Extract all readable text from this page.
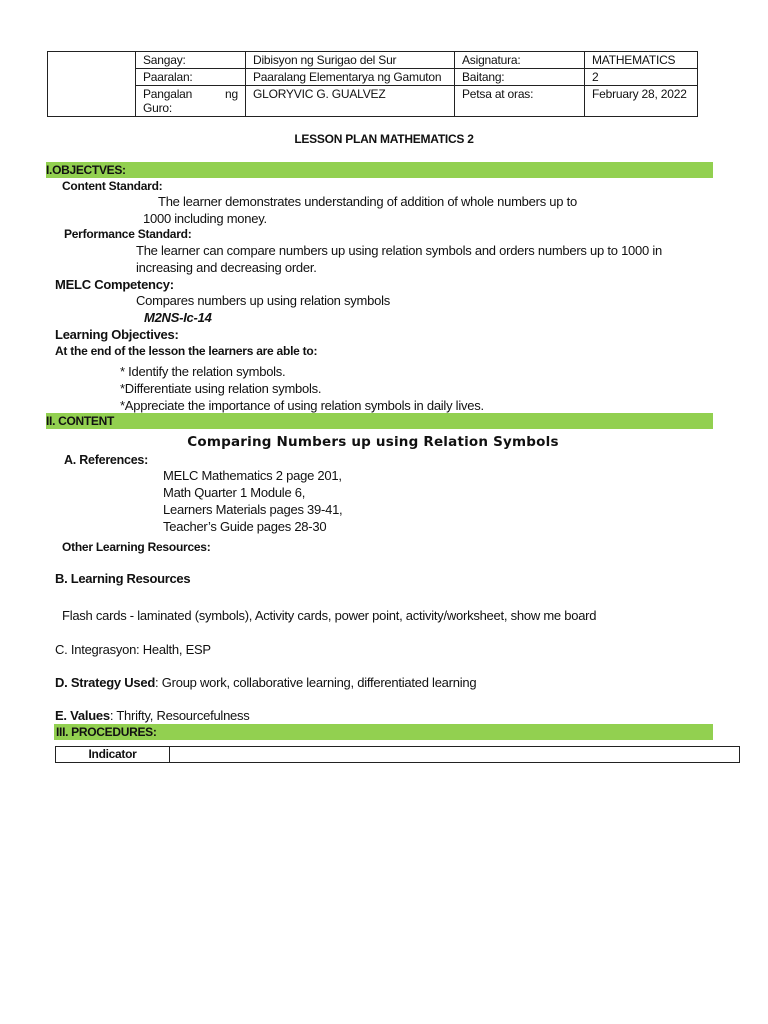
	Sangay:	Dibisyon ng Surigao del Sur	Asignatura:	MATHEMATICS
	Paaralan:	Paaralang Elementarya ng Gamuton	Baitang:	2

	Pangalan ng
Guro:	GLORYVIC G. GUALVEZ	Petsa at oras:	February 28, 2022
LESSON PLAN MATHEMATICS 2
I.OBJECTVES:
Content Standard:
The learner demonstrates understanding of addition of whole numbers up to
1000 including money.
Performance Standard:
The learner can compare numbers up using relation symbols and orders numbers up to 1000 in
increasing and decreasing order.
MELC Competency:
Compares numbers up using relation symbols
M2NS-Ic-14
Learning Objectives:
At the end of the lesson the learners are able to:
* Identify the relation symbols.
*Differentiate using relation symbols.
*Appreciate the importance of using relation symbols in daily lives.
II. CONTENT
Comparing Numbers up using Relation Symbols
A. References:
MELC Mathematics 2 page 201,
Math Quarter 1 Module 6,
Learners Materials pages 39-41,
Teacher’s Guide pages 28-30
Other Learning Resources:
B. Learning Resources
Flash cards - laminated (symbols), Activity cards, power point, activity/worksheet, show me board
C. Integrasyon: Health, ESP
D. Strategy Used: Group work, collaborative learning, differentiated learning
E. Values: Thrifty, Resourcefulness
III. PROCEDURES:
Indicator
